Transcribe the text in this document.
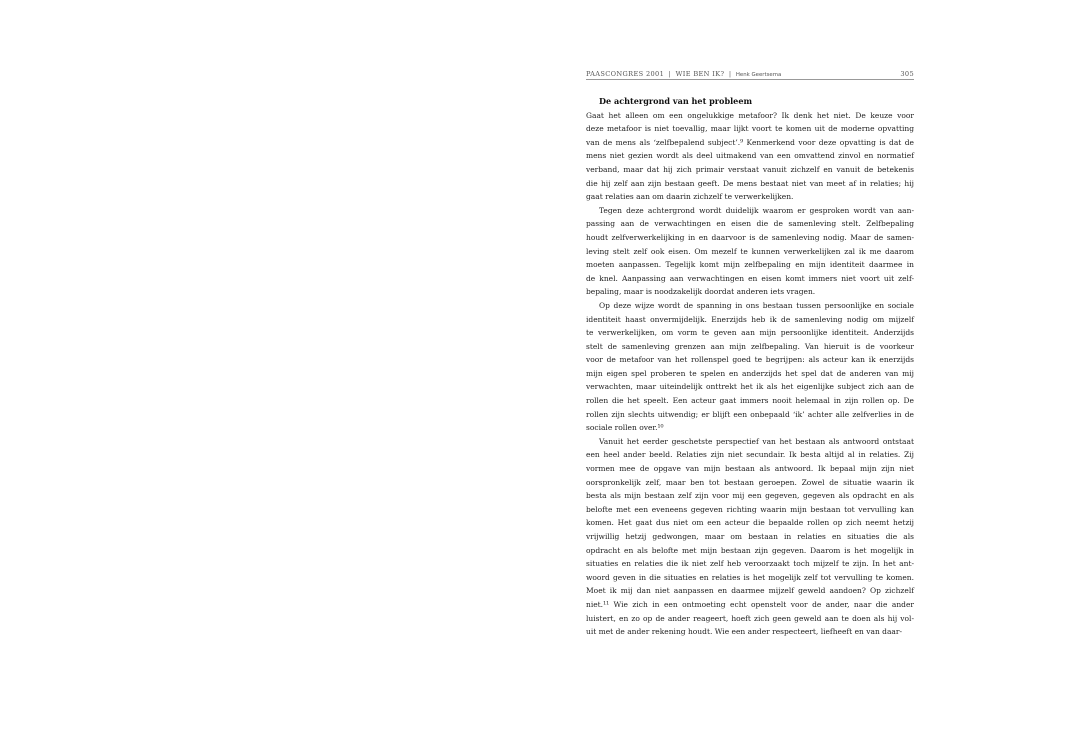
PAASCONGRES 2001 | WIE BEN IK? | Henk Geertsema	305
De achtergrond van het probleem

Gaat het alleen om een ongelukkige metafoor? Ik denk het niet. De keuze voor
deze metafoor is niet toevallig, maar lijkt voort te komen uit de moderne opvatting
van de mens als ‘zelfbepalend subject’.⁹ Kenmerkend voor deze opvatting is dat de
mens niet gezien wordt als deel uitmakend van een omvattend zinvol en normatief
verband, maar dat hij zich primair verstaat vanuit zichzelf en vanuit de betekenis
die hij zelf aan zijn bestaan geeft. De mens bestaat niet van meet af in relaties; hij
gaat relaties aan om daarin zichzelf te verwerkelijken.

Tegen deze achtergrond wordt duidelijk waarom er gesproken wordt van aan-
passing aan de verwachtingen en eisen die de samenleving stelt. Zelfbepaling
houdt zelfverwerkelijking in en daarvoor is de samenleving nodig. Maar de samen-
leving stelt zelf ook eisen. Om mezelf te kunnen verwerkelijken zal ik me daarom
moeten aanpassen. Tegelijk komt mijn zelfbepaling en mijn identiteit daarmee in
de knel. Aanpassing aan verwachtingen en eisen komt immers niet voort uit zelf-
bepaling, maar is noodzakelijk doordat anderen iets vragen.

Op deze wijze wordt de spanning in ons bestaan tussen persoonlijke en sociale
identiteit haast onvermijdelijk. Enerzijds heb ik de samenleving nodig om mijzelf
te verwerkelijken, om vorm te geven aan mijn persoonlijke identiteit. Anderzijds
stelt de samenleving grenzen aan mijn zelfbepaling. Van hieruit is de voorkeur
voor de metafoor van het rollenspel goed te begrijpen: als acteur kan ik enerzijds
mijn eigen spel proberen te spelen en anderzijds het spel dat de anderen van mij
verwachten, maar uiteindelijk onttrekt het ik als het eigenlijke subject zich aan de
rollen die het speelt. Een acteur gaat immers nooit helemaal in zijn rollen op. De
rollen zijn slechts uitwendig; er blijft een onbepaald ‘ik’ achter alle zelfverlies in de
sociale rollen over.¹⁰

Vanuit het eerder geschetste perspectief van het bestaan als antwoord ontstaat
een heel ander beeld. Relaties zijn niet secundair. Ik besta altijd al in relaties. Zij
vormen mee de opgave van mijn bestaan als antwoord. Ik bepaal mijn zijn niet
oorspronkelijk zelf, maar ben tot bestaan geroepen. Zowel de situatie waarin ik
besta als mijn bestaan zelf zijn voor mij een gegeven, gegeven als opdracht en als
belofte met een eveneens gegeven richting waarin mijn bestaan tot vervulling kan
komen. Het gaat dus niet om een acteur die bepaalde rollen op zich neemt hetzij
vrijwillig hetzij gedwongen, maar om bestaan in relaties en situaties die als
opdracht en als belofte met mijn bestaan zijn gegeven. Daarom is het mogelijk in
situaties en relaties die ik niet zelf heb veroorzaakt toch mijzelf te zijn. In het ant-
woord geven in die situaties en relaties is het mogelijk zelf tot vervulling te komen.
Moet ik mij dan niet aanpassen en daarmee mijzelf geweld aandoen? Op zichzelf
niet.¹¹ Wie zich in een ontmoeting echt openstelt voor de ander, naar die ander
luistert, en zo op de ander reageert, hoeft zich geen geweld aan te doen als hij vol-
uit met de ander rekening houdt. Wie een ander respecteert, liefheeft en van daar-
